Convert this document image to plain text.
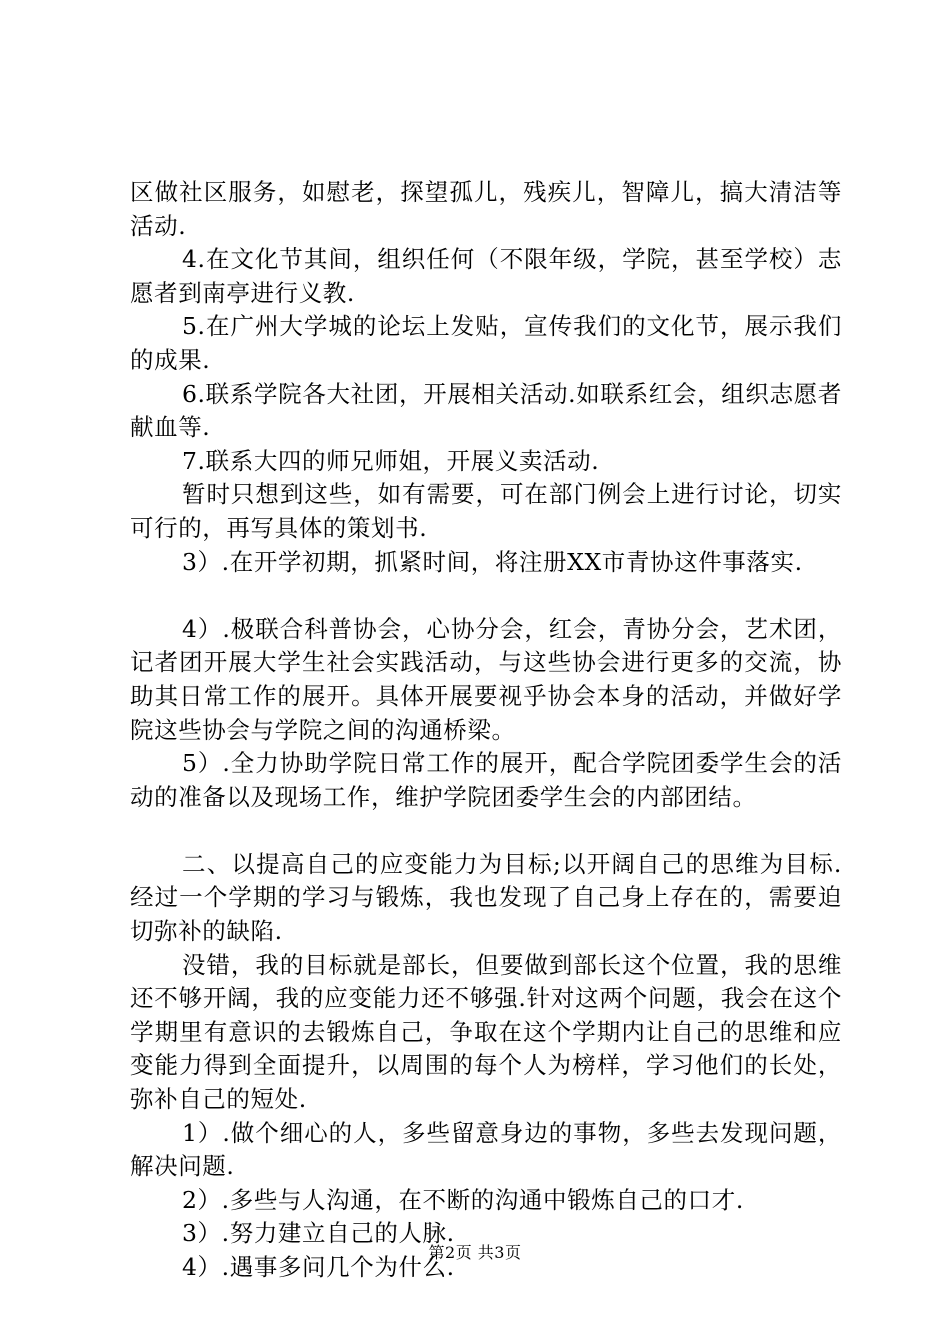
区做社区服务，如慰老，探望孤儿，残疾儿，智障儿，搞大清洁等活动.

4.在文化节其间，组织任何（不限年级，学院，甚至学校）志愿者到南亭进行义教.

5.在广州大学城的论坛上发贴，宣传我们的文化节，展示我们的成果.

6.联系学院各大社团，开展相关活动.如联系红会，组织志愿者献血等.

7.联系大四的师兄师姐，开展义卖活动.

暂时只想到这些，如有需要，可在部门例会上进行讨论，切实可行的，再写具体的策划书.

3）.在开学初期，抓紧时间，将注册XX市青协这件事落实.

4）.极联合科普协会，心协分会，红会，青协分会，艺术团，记者团开展大学生社会实践活动，与这些协会进行更多的交流，协助其日常工作的展开。具体开展要视乎协会本身的活动，并做好学院这些协会与学院之间的沟通桥梁。

5）.全力协助学院日常工作的展开，配合学院团委学生会的活动的准备以及现场工作，维护学院团委学生会的内部团结。

二、以提高自己的应变能力为目标;以开阔自己的思维为目标.经过一个学期的学习与锻炼，我也发现了自己身上存在的，需要迫切弥补的缺陷.

没错，我的目标就是部长，但要做到部长这个位置，我的思维还不够开阔，我的应变能力还不够强.针对这两个问题，我会在这个学期里有意识的去锻炼自己，争取在这个学期内让自己的思维和应变能力得到全面提升，以周围的每个人为榜样，学习他们的长处，弥补自己的短处.

1）.做个细心的人，多些留意身边的事物，多些去发现问题，解决问题.

2）.多些与人沟通，在不断的沟通中锻炼自己的口才.

3）.努力建立自己的人脉.

4）.遇事多问几个为什么.

第2页 共3页
